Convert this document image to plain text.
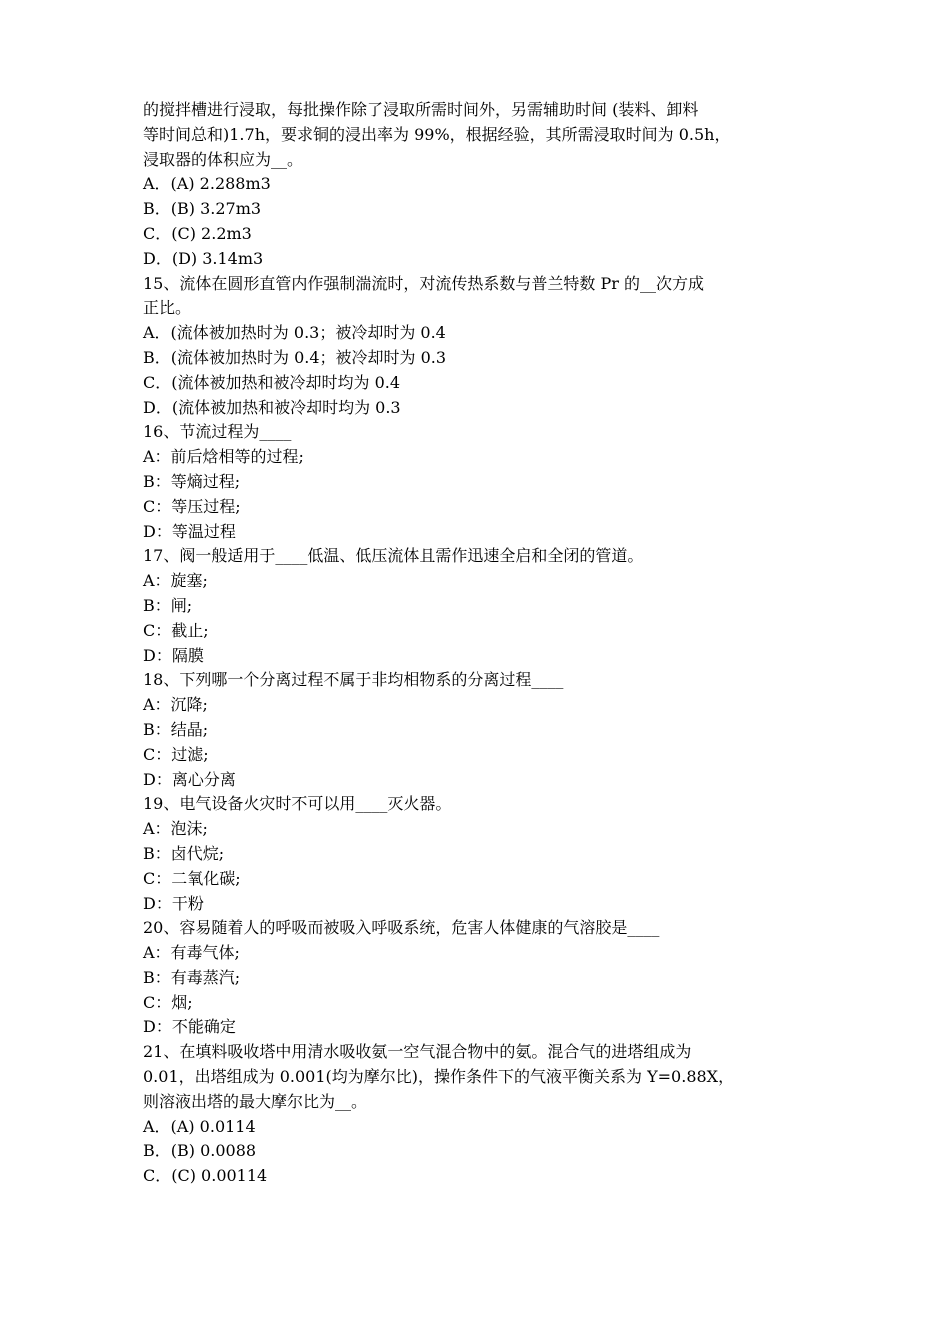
的搅拌槽进行浸取，每批操作除了浸取所需时间外，另需辅助时间 (装料、卸料
等时间总和)1.7h，要求铜的浸出率为 99%，根据经验，其所需浸取时间为 0.5h，
浸取器的体积应为__。
A．(A) 2.288m3
B．(B) 3.27m3
C．(C) 2.2m3
D．(D) 3.14m3
15、流体在圆形直管内作强制湍流时，对流传热系数与普兰特数 Pr 的__次方成
正比。
A．(流体被加热时为 0.3；被冷却时为 0.4
B．(流体被加热时为 0.4；被冷却时为 0.3
C．(流体被加热和被冷却时均为 0.4
D．(流体被加热和被冷却时均为 0.3
16、节流过程为____
A：前后焓相等的过程;
B：等熵过程;
C：等压过程;
D：等温过程
17、阀一般适用于____低温、低压流体且需作迅速全启和全闭的管道。
A：旋塞;
B：闸;
C：截止;
D：隔膜
18、下列哪一个分离过程不属于非均相物系的分离过程____
A：沉降;
B：结晶;
C：过滤;
D：离心分离
19、电气设备火灾时不可以用____灭火器。
A：泡沫;
B：卤代烷;
C：二氧化碳;
D：干粉
20、容易随着人的呼吸而被吸入呼吸系统，危害人体健康的气溶胶是____
A：有毒气体;
B：有毒蒸汽;
C：烟;
D：不能确定
21、在填料吸收塔中用清水吸收氨一空气混合物中的氨。混合气的进塔组成为
0.01，出塔组成为 0.001(均为摩尔比)，操作条件下的气液平衡关系为 Y=0.88X，
则溶液出塔的最大摩尔比为__。
A．(A) 0.0114
B．(B) 0.0088
C．(C) 0.00114
